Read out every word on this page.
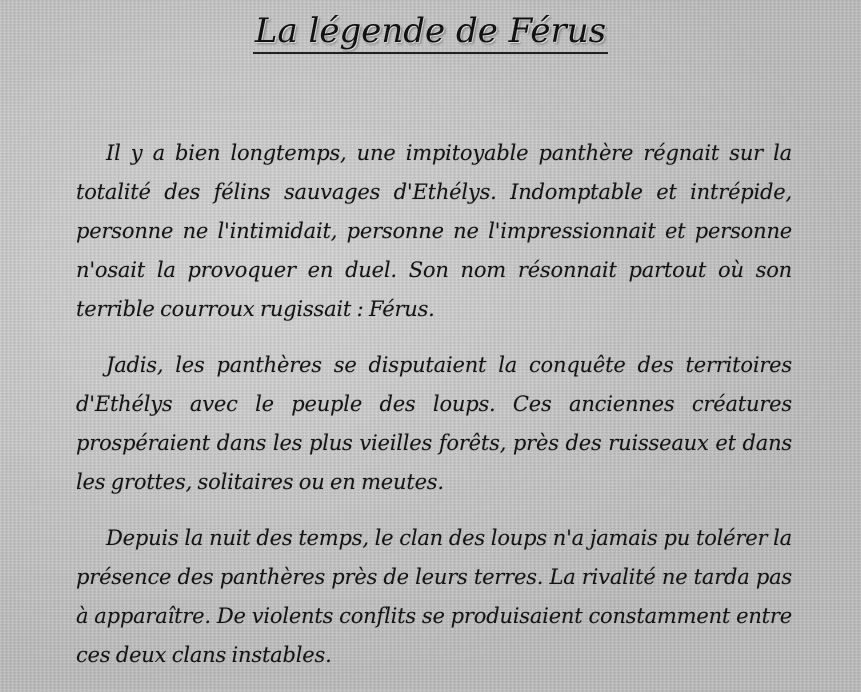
La légende de Férus

Il y a bien longtemps, une impitoyable panthère régnait sur la totalité des félins sauvages d'Ethélys. Indomptable et intrépide, personne ne l'intimidait, personne ne l'impressionnait et personne n'osait la provoquer en duel. Son nom résonnait partout où son terrible courroux rugissait : Férus.

Jadis, les panthères se disputaient la conquête des territoires d'Ethélys avec le peuple des loups. Ces anciennes créatures prospéraient dans les plus vieilles forêts, près des ruisseaux et dans les grottes, solitaires ou en meutes.

Depuis la nuit des temps, le clan des loups n'a jamais pu tolérer la présence des panthères près de leurs terres. La rivalité ne tarda pas à apparaître. De violents conflits se produisaient constamment entre ces deux clans instables.
